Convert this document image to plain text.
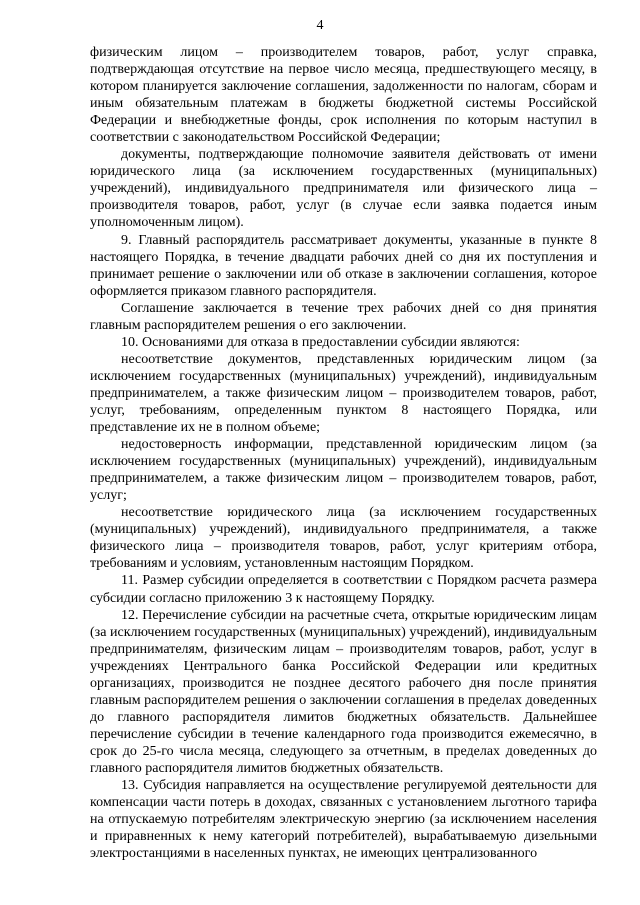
4

физическим лицом – производителем товаров, работ, услуг справка, подтверждающая отсутствие на первое число месяца, предшествующего месяцу, в котором планируется заключение соглашения, задолженности по налогам, сборам и иным обязательным платежам в бюджеты бюджетной системы Российской Федерации и внебюджетные фонды, срок исполнения по которым наступил в соответствии с законодательством Российской Федерации;

документы, подтверждающие полномочие заявителя действовать от имени юридического лица (за исключением государственных (муниципальных) учреждений), индивидуального предпринимателя или физического лица – производителя товаров, работ, услуг (в случае если заявка подается иным уполномоченным лицом).

9. Главный распорядитель рассматривает документы, указанные в пункте 8 настоящего Порядка, в течение двадцати рабочих дней со дня их поступления и принимает решение о заключении или об отказе в заключении соглашения, которое оформляется приказом главного распорядителя.

Соглашение заключается в течение трех рабочих дней со дня принятия главным распорядителем решения о его заключении.

10. Основаниями для отказа в предоставлении субсидии являются:

несоответствие документов, представленных юридическим лицом (за исключением государственных (муниципальных) учреждений), индивидуальным предпринимателем, а также физическим лицом – производителем товаров, работ, услуг, требованиям, определенным пунктом 8 настоящего Порядка, или представление их не в полном объеме;

недостоверность информации, представленной юридическим лицом (за исключением государственных (муниципальных) учреждений), индивидуальным предпринимателем, а также физическим лицом – производителем товаров, работ, услуг;

несоответствие юридического лица (за исключением государственных (муниципальных) учреждений), индивидуального предпринимателя, а также физического лица – производителя товаров, работ, услуг критериям отбора, требованиям и условиям, установленным настоящим Порядком.

11. Размер субсидии определяется в соответствии с Порядком расчета размера субсидии согласно приложению 3 к настоящему Порядку.

12. Перечисление субсидии на расчетные счета, открытые юридическим лицам (за исключением государственных (муниципальных) учреждений), индивидуальным предпринимателям, физическим лицам – производителям товаров, работ, услуг в учреждениях Центрального банка Российской Федерации или кредитных организациях, производится не позднее десятого рабочего дня после принятия главным распорядителем решения о заключении соглашения в пределах доведенных до главного распорядителя лимитов бюджетных обязательств. Дальнейшее перечисление субсидии в течение календарного года производится ежемесячно, в срок до 25-го числа месяца, следующего за отчетным, в пределах доведенных до главного распорядителя лимитов бюджетных обязательств.

13. Субсидия направляется на осуществление регулируемой деятельности для компенсации части потерь в доходах, связанных с установлением льготного тарифа на отпускаемую потребителям электрическую энергию (за исключением населения и приравненных к нему категорий потребителей), вырабатываемую дизельными электростанциями в населенных пунктах, не имеющих централизованного
